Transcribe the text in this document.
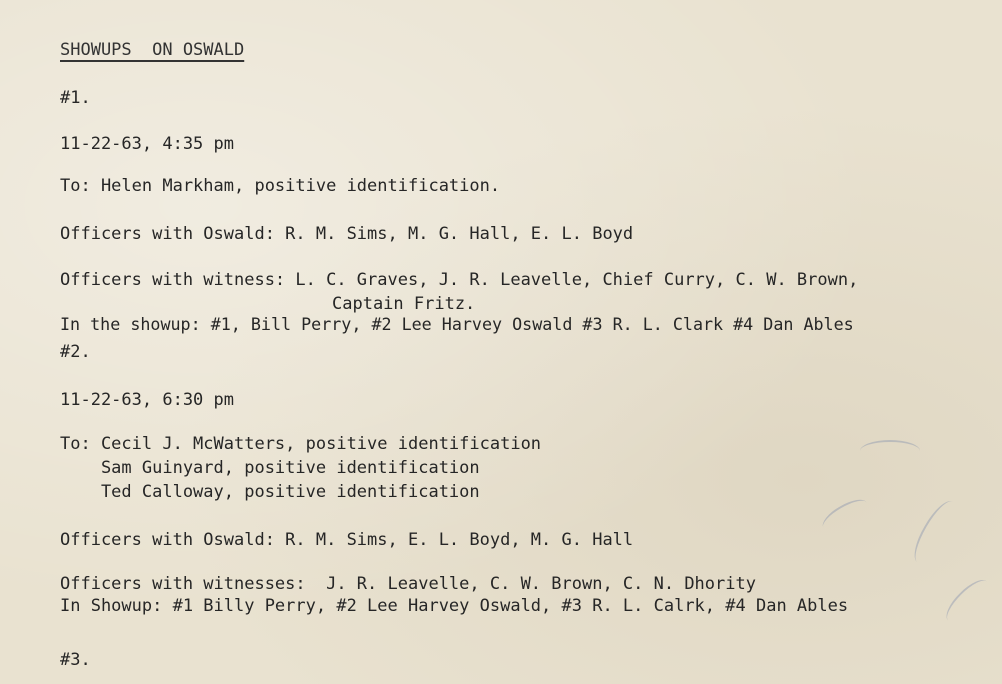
SHOWUPS  ON OSWALD
#1.
11-22-63, 4:35 pm
To: Helen Markham, positive identification.
Officers with Oswald: R. M. Sims, M. G. Hall, E. L. Boyd
Officers with witness: L. C. Graves, J. R. Leavelle, Chief Curry, C. W. Brown,
Captain Fritz.
In the showup: #1, Bill Perry, #2 Lee Harvey Oswald #3 R. L. Clark #4 Dan Ables
#2.
11-22-63, 6:30 pm
To: Cecil J. McWatters, positive identification
Sam Guinyard, positive identification
Ted Calloway, positive identification
Officers with Oswald: R. M. Sims, E. L. Boyd, M. G. Hall
Officers with witnesses:  J. R. Leavelle, C. W. Brown, C. N. Dhority
In Showup: #1 Billy Perry, #2 Lee Harvey Oswald, #3 R. L. Calrk, #4 Dan Ables
#3.
